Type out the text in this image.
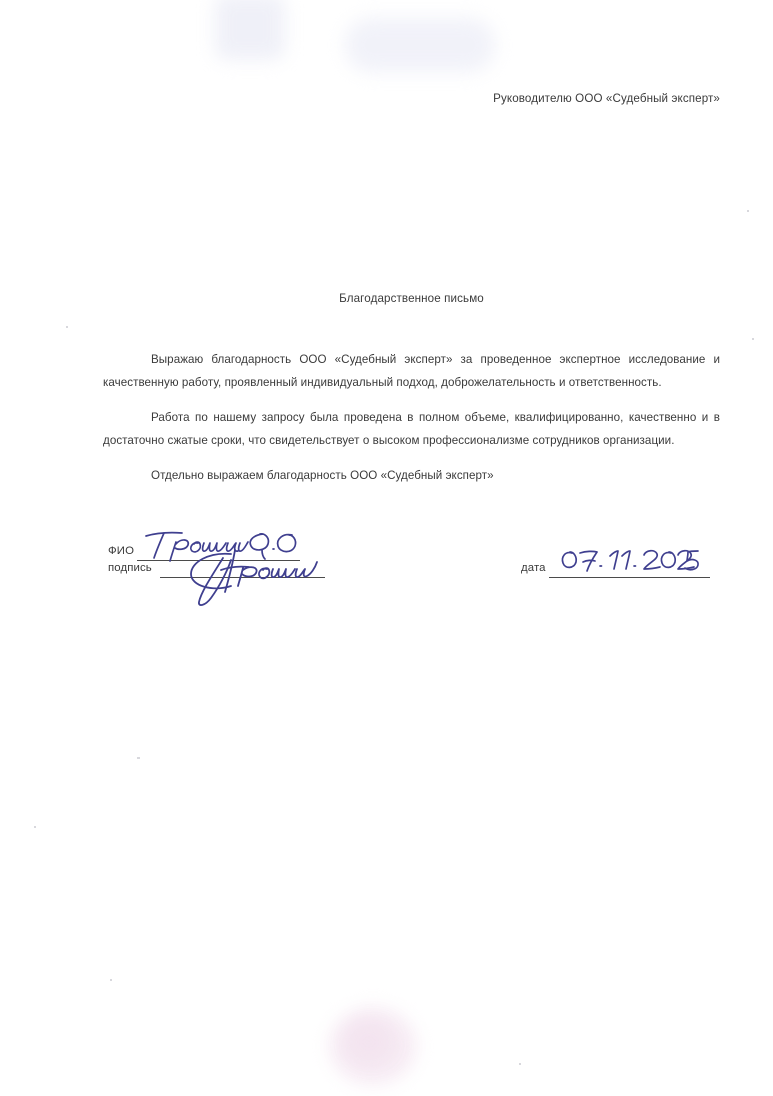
Руководителю ООО «Судебный эксперт»
Благодарственное письмо

Выражаю благодарность ООО «Судебный эксперт» за проведенное экспертное исследование и качественную работу, проявленный индивидуальный подход, доброжелательность и ответственность.

Работа по нашему запросу была проведена в полном объеме, квалифицированно, качественно и в достаточно сжатые сроки, что свидетельствует о высоком профессионализме сотрудников организации.

Отдельно выражаем благодарность ООО «Судебный эксперт»

ФИО
подпись	дата
